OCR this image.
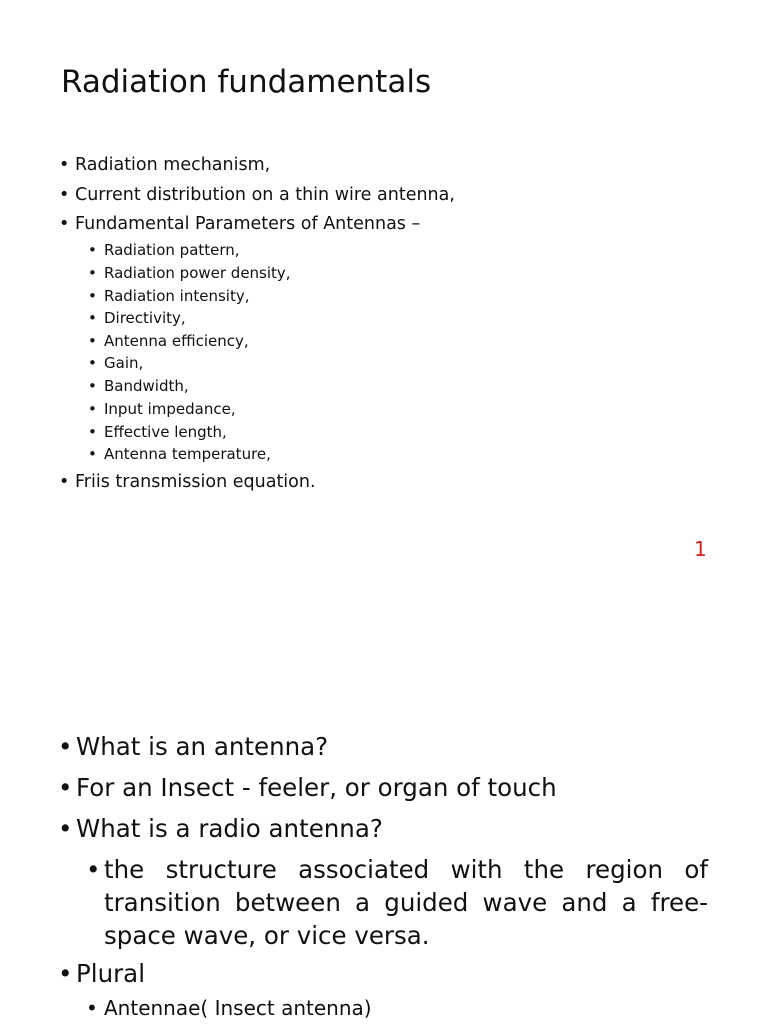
Radiation fundamentals
• Radiation mechanism,
• Current distribution on a thin wire antenna,
• Fundamental Parameters of Antennas –
• Radiation pattern,
• Radiation power density,
• Radiation intensity,
• Directivity,
• Antenna efficiency,
• Gain,
• Bandwidth,
• Input impedance,
• Effective length,
• Antenna temperature,
• Friis transmission equation.
1
• What is an antenna?
• For an Insect - feeler, or organ of touch
• What is a radio antenna?
• the structure associated with the region of transition between a guided wave and a free-space wave, or vice versa.
• Plural
• Antennae( Insect antenna)
